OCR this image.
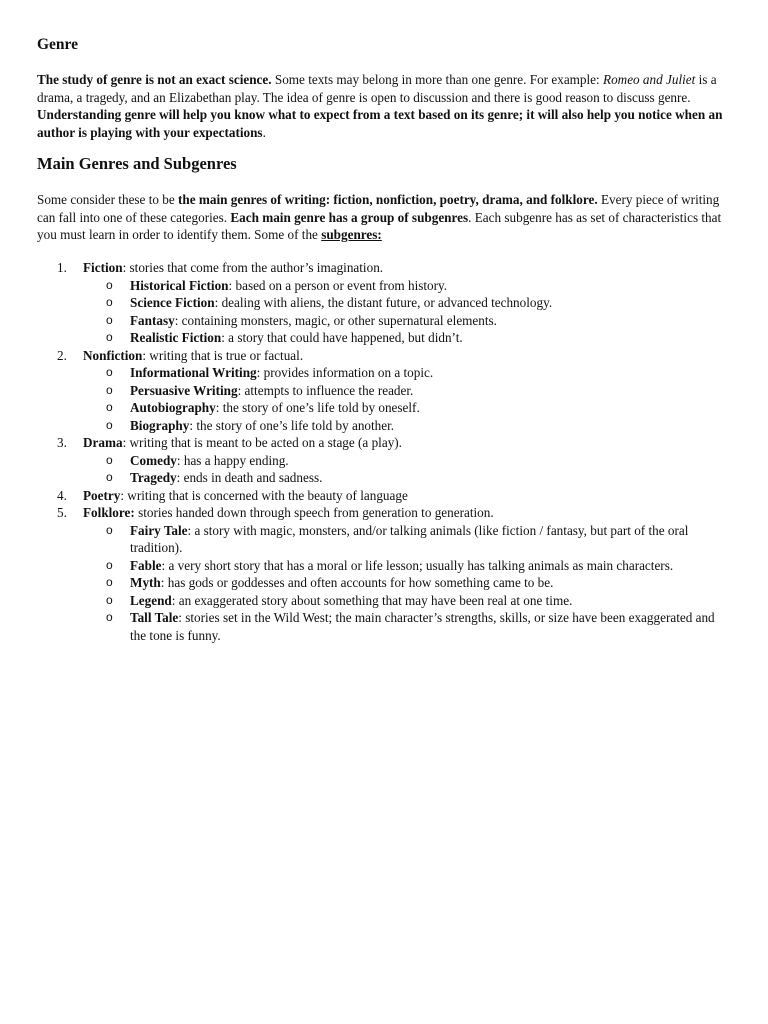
Genre

The study of genre is not an exact science. Some texts may belong in more than one genre. For example: Romeo and Juliet is a drama, a tragedy, and an Elizabethan play. The idea of genre is open to discussion and there is good reason to discuss genre. Understanding genre will help you know what to expect from a text based on its genre; it will also help you notice when an author is playing with your expectations.

Main Genres and Subgenres

Some consider these to be the main genres of writing: fiction, nonfiction, poetry, drama, and folklore. Every piece of writing can fall into one of these categories. Each main genre has a group of subgenres. Each subgenre has as set of characteristics that you must learn in order to identify them. Some of the subgenres:

1. Fiction: stories that come from the author’s imagination.
o Historical Fiction: based on a person or event from history.
o Science Fiction: dealing with aliens, the distant future, or advanced technology.
o Fantasy: containing monsters, magic, or other supernatural elements.
o Realistic Fiction: a story that could have happened, but didn’t.
2. Nonfiction: writing that is true or factual.
o Informational Writing: provides information on a topic.
o Persuasive Writing: attempts to influence the reader.
o Autobiography: the story of one’s life told by oneself.
o Biography: the story of one’s life told by another.
3. Drama: writing that is meant to be acted on a stage (a play).
o Comedy: has a happy ending.
o Tragedy: ends in death and sadness.
4. Poetry: writing that is concerned with the beauty of language
5. Folklore: stories handed down through speech from generation to generation.
o Fairy Tale: a story with magic, monsters, and/or talking animals (like fiction / fantasy, but part of the oral tradition).
o Fable: a very short story that has a moral or life lesson; usually has talking animals as main characters.
o Myth: has gods or goddesses and often accounts for how something came to be.
o Legend: an exaggerated story about something that may have been real at one time.
o Tall Tale: stories set in the Wild West; the main character’s strengths, skills, or size have been exaggerated and the tone is funny.
